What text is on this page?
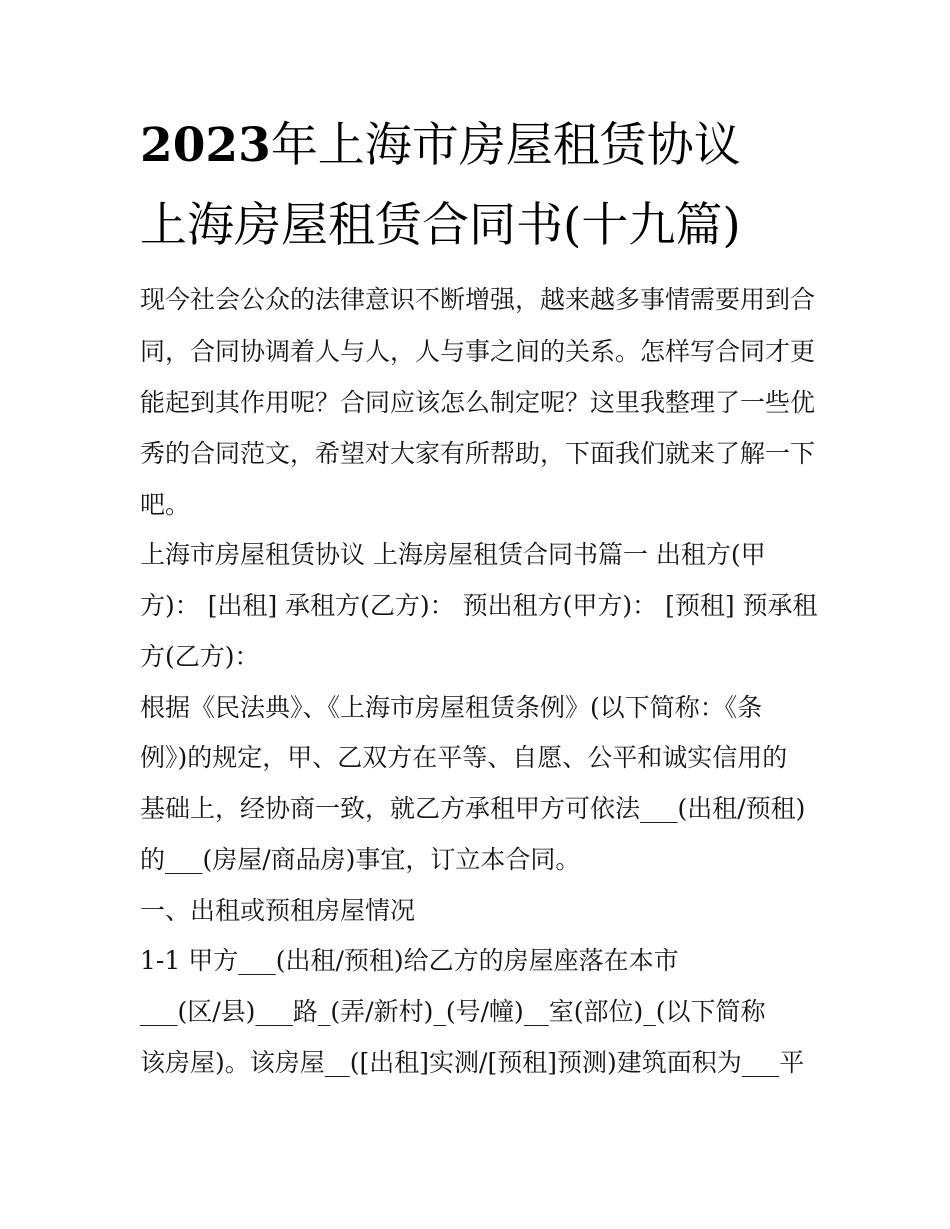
2023年上海市房屋租赁协议
上海房屋租赁合同书(十九篇)
现今社会公众的法律意识不断增强，越来越多事情需要用到合
同，合同协调着人与人，人与事之间的关系。怎样写合同才更
能起到其作用呢？合同应该怎么制定呢？这里我整理了一些优
秀的合同范文，希望对大家有所帮助，下面我们就来了解一下
吧。
上海市房屋租赁协议 上海房屋租赁合同书篇一 出租方(甲
方)： [出租] 承租方(乙方)： 预出租方(甲方)： [预租] 预承租
方(乙方)：
根据《民法典》、《上海市房屋租赁条例》(以下简称：《条
例》)的规定，甲、乙双方在平等、自愿、公平和诚实信用的
基础上，经协商一致，就乙方承租甲方可依法___(出租/预租)
的___(房屋/商品房)事宜，订立本合同。
一、出租或预租房屋情况
1-1 甲方___(出租/预租)给乙方的房屋座落在本市
___(区/县)___路_(弄/新村)_(号/幢)__室(部位)_(以下简称
该房屋)。该房屋__([出租]实测/[预租]预测)建筑面积为___平
